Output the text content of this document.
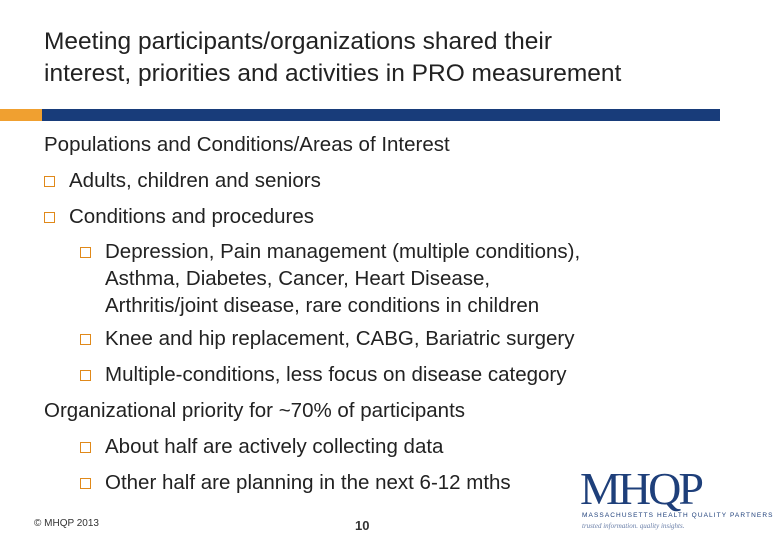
Meeting participants/organizations shared their
interest, priorities and activities in PRO measurement
Populations and Conditions/Areas of Interest
Adults, children and seniors
Conditions and procedures
Depression, Pain management (multiple conditions),
Asthma, Diabetes, Cancer, Heart Disease,
Arthritis/joint disease, rare conditions in children
Knee and hip replacement, CABG, Bariatric surgery
Multiple-conditions, less focus on disease category
Organizational priority for ~70% of participants
About half are actively collecting data
Other half are planning in the next 6-12 mths
© MHQP 2013	10
MHQP
MASSACHUSETTS HEALTH QUALITY PARTNERS
trusted information. quality insights.
